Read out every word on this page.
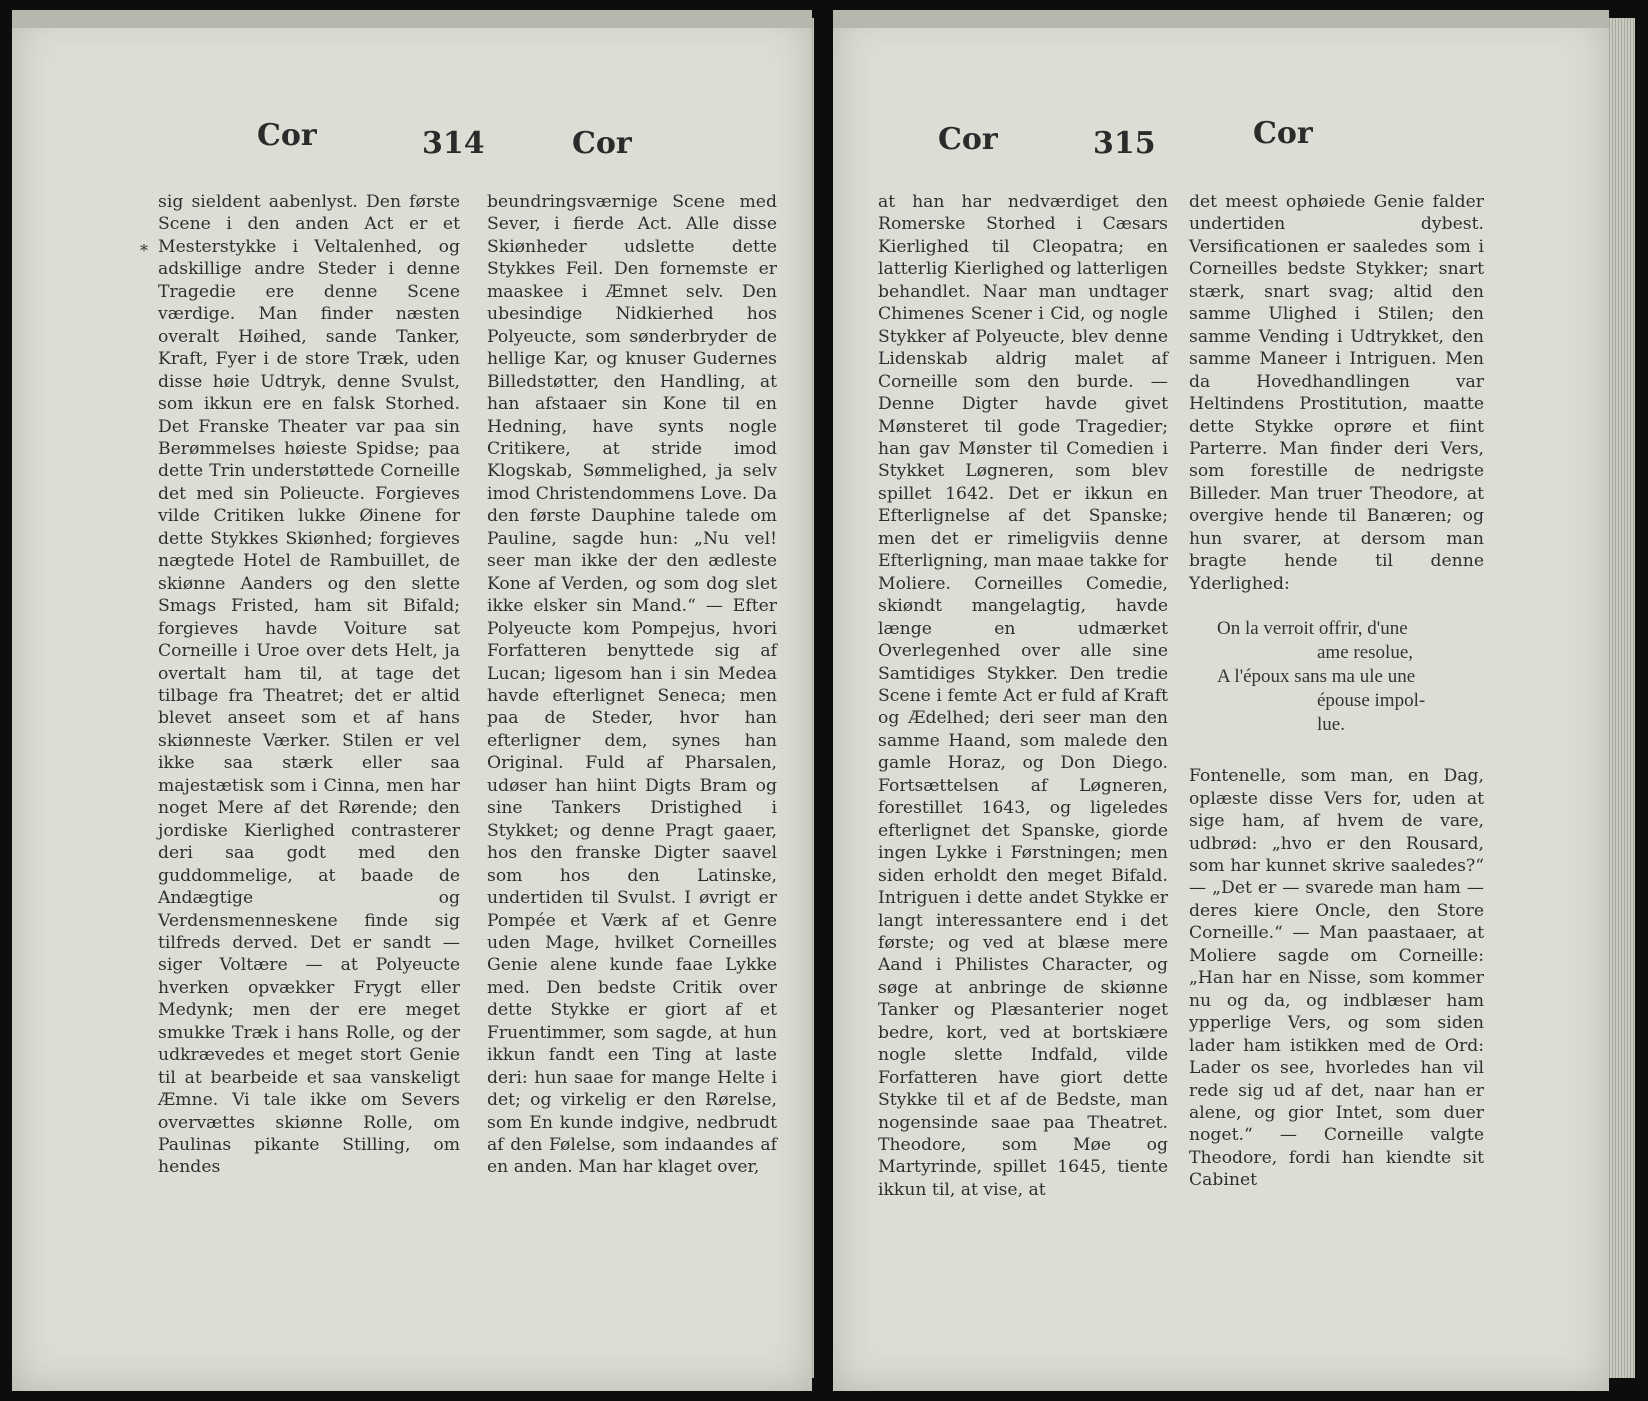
Cor	314	Cor
*

sig sieldent aabenlyst. Den første Scene i den anden Act er et Mesterstykke i Veltalenhed, og adskillige andre Steder i denne Tragedie ere denne Scene værdige. Man finder næsten overalt Høihed, sande Tanker, Kraft, Fyer i de store Træk, uden disse høie Udtryk, denne Svulst, som ikkun ere en falsk Storhed. Det Franske Theater var paa sin Berømmelses høieste Spidse; paa dette Trin understøttede Corneille det med sin Polieucte. Forgieves vilde Critiken lukke Øinene for dette Stykkes Skiønhed; forgieves nægtede Hotel de Rambuillet, de skiønne Aanders og den slette Smags Fristed, ham sit Bifald; forgieves havde Voiture sat Corneille i Uroe over dets Helt, ja overtalt ham til, at tage det tilbage fra Theatret; det er altid blevet anseet som et af hans skiønneste Værker. Stilen er vel ikke saa stærk eller saa majestætisk som i Cinna, men har noget Mere af det Rørende; den jordiske Kierlighed contrasterer deri saa godt med den guddommelige, at baade de Andægtige og Verdensmenneskene finde sig tilfreds derved. Det er sandt — siger Voltære — at Polyeucte hverken opvækker Frygt eller Medynk; men der ere meget smukke Træk i hans Rolle, og der udkrævedes et meget stort Genie til at bearbeide et saa vanskeligt Æmne. Vi tale ikke om Severs overvættes skiønne Rolle, om Paulinas pikante Stilling, om hendes

beundringsværnige Scene med Sever, i fierde Act. Alle disse Skiønheder udslette dette Stykkes Feil. Den fornemste er maaskee i Æmnet selv. Den ubesindige Nidkierhed hos Polyeucte, som sønderbryder de hellige Kar, og knuser Gudernes Billedstøtter, den Handling, at han afstaaer sin Kone til en Hedning, have synts nogle Critikere, at stride imod Klogskab, Sømmelighed, ja selv imod Christendommens Love. Da den første Dauphine talede om Pauline, sagde hun: „Nu vel! seer man ikke der den ædleste Kone af Verden, og som dog slet ikke elsker sin Mand.“ — Efter Polyeucte kom Pompejus, hvori Forfatteren benyttede sig af Lucan; ligesom han i sin Medea havde efterlignet Seneca; men paa de Steder, hvor han efterligner dem, synes han Original. Fuld af Pharsalen, udøser han hiint Digts Bram og sine Tankers Dristighed i Stykket; og denne Pragt gaaer, hos den franske Digter saavel som hos den Latinske, undertiden til Svulst. I øvrigt er Pompée et Værk af et Genre uden Mage, hvilket Corneilles Genie alene kunde faae Lykke med. Den bedste Critik over dette Stykke er giort af et Fruentimmer, som sagde, at hun ikkun fandt een Ting at laste deri: hun saae for mange Helte i det; og virkelig er den Rørelse, som En kunde indgive, nedbrudt af den Følelse, som indaandes af en anden. Man har klaget over,

Cor	315	Cor

at han har nedværdiget den Romerske Storhed i Cæsars Kierlighed til Cleopatra; en latterlig Kierlighed og latterligen behandlet. Naar man undtager Chimenes Scener i Cid, og nogle Stykker af Polyeucte, blev denne Lidenskab aldrig malet af Corneille som den burde. — Denne Digter havde givet Mønsteret til gode Tragedier; han gav Mønster til Comedien i Stykket Løgneren, som blev spillet 1642. Det er ikkun en Efterlignelse af det Spanske; men det er rimeligviis denne Efterligning, man maae takke for Moliere. Corneilles Comedie, skiøndt mangelagtig, havde længe en udmærket Overlegenhed over alle sine Samtidiges Stykker. Den tredie Scene i femte Act er fuld af Kraft og Ædelhed; deri seer man den samme Haand, som malede den gamle Horaz, og Don Diego. Fortsættelsen af Løgneren, forestillet 1643, og ligeledes efterlignet det Spanske, giorde ingen Lykke i Førstningen; men siden erholdt den meget Bifald. Intriguen i dette andet Stykke er langt interessantere end i det første; og ved at blæse mere Aand i Philistes Character, og søge at anbringe de skiønne Tanker og Plæsanterier noget bedre, kort, ved at bortskiære nogle slette Indfald, vilde Forfatteren have giort dette Stykke til et af de Bedste, man nogensinde saae paa Theatret. Theodore, som Møe og Martyrinde, spillet 1645, tiente ikkun til, at vise, at

det meest ophøiede Genie falder undertiden dybest. Versificationen er saaledes som i Corneilles bedste Stykker; snart stærk, snart svag; altid den samme Ulighed i Stilen; den samme Vending i Udtrykket, den samme Maneer i Intriguen. Men da Hovedhandlingen var Heltindens Prostitution, maatte dette Stykke oprøre et fiint Parterre. Man finder deri Vers, som forestille de nedrigste Billeder. Man truer Theodore, at overgive hende til Banæren; og hun svarer, at dersom man bragte hende til denne Yderlighed:

On la verroit offrir, d'une
ame resolue,
A l'époux sans ma ule une
épouse impol-
lue.

Fontenelle, som man, en Dag, oplæste disse Vers for, uden at sige ham, af hvem de vare, udbrød: „hvo er den Rousard, som har kunnet skrive saaledes?“ — „Det er — svarede man ham — deres kiere Oncle, den Store Corneille.“ — Man paastaaer, at Moliere sagde om Corneille: „Han har en Nisse, som kommer nu og da, og indblæser ham ypperlige Vers, og som siden lader ham istikken med de Ord: Lader os see, hvorledes han vil rede sig ud af det, naar han er alene, og gior Intet, som duer noget.“ — Corneille valgte Theodore, fordi han kiendte sit Cabinet
